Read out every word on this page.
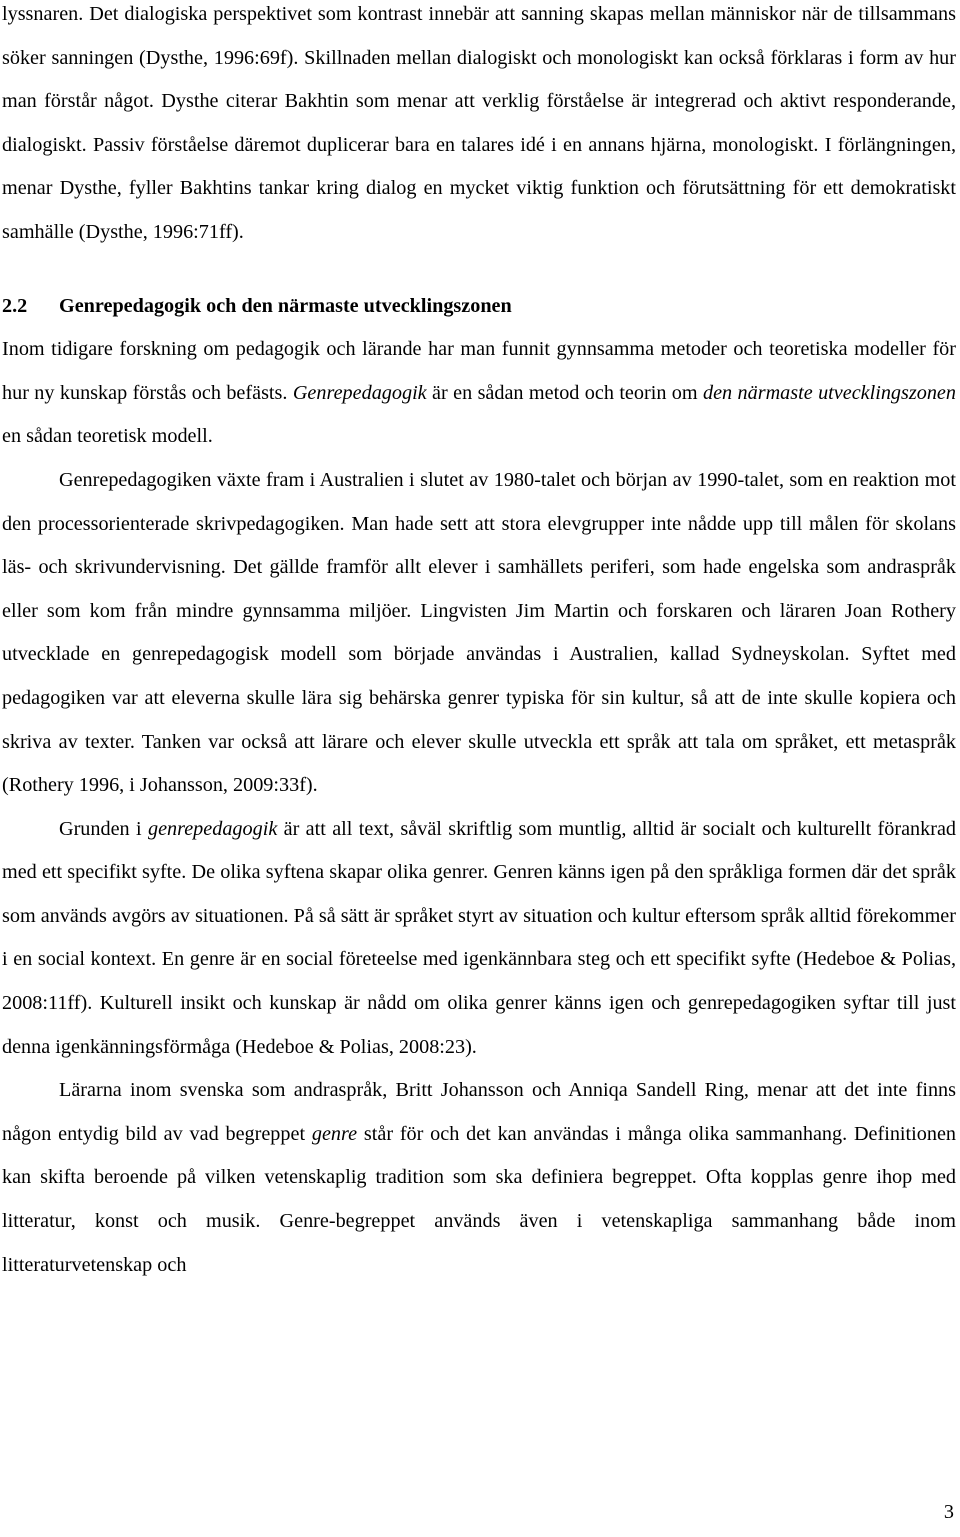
lyssnaren. Det dialogiska perspektivet som kontrast innebär att sanning skapas mellan människor när de tillsammans söker sanningen (Dysthe, 1996:69f). Skillnaden mellan dialogiskt och monologiskt kan också förklaras i form av hur man förstår något. Dysthe citerar Bakhtin som menar att verklig förståelse är integrerad och aktivt responderande, dialogiskt. Passiv förståelse däremot duplicerar bara en talares idé i en annans hjärna, monologiskt. I förlängningen, menar Dysthe, fyller Bakhtins tankar kring dialog en mycket viktig funktion och förutsättning för ett demokratiskt samhälle (Dysthe, 1996:71ff).

2.2 Genrepedagogik och den närmaste utvecklingszonen

Inom tidigare forskning om pedagogik och lärande har man funnit gynnsamma metoder och teoretiska modeller för hur ny kunskap förstås och befästs. Genrepedagogik är en sådan metod och teorin om den närmaste utvecklingszonen en sådan teoretisk modell.

Genrepedagogiken växte fram i Australien i slutet av 1980-talet och början av 1990-talet, som en reaktion mot den processorienterade skrivpedagogiken. Man hade sett att stora elevgrupper inte nådde upp till målen för skolans läs- och skrivundervisning. Det gällde framför allt elever i samhällets periferi, som hade engelska som andraspråk eller som kom från mindre gynnsamma miljöer. Lingvisten Jim Martin och forskaren och läraren Joan Rothery utvecklade en genrepedagogisk modell som började användas i Australien, kallad Sydneyskolan. Syftet med pedagogiken var att eleverna skulle lära sig behärska genrer typiska för sin kultur, så att de inte skulle kopiera och skriva av texter. Tanken var också att lärare och elever skulle utveckla ett språk att tala om språket, ett metaspråk (Rothery 1996, i Johansson, 2009:33f).

Grunden i genrepedagogik är att all text, såväl skriftlig som muntlig, alltid är socialt och kulturellt förankrad med ett specifikt syfte. De olika syftena skapar olika genrer. Genren känns igen på den språkliga formen där det språk som används avgörs av situationen. På så sätt är språket styrt av situation och kultur eftersom språk alltid förekommer i en social kontext. En genre är en social företeelse med igenkännbara steg och ett specifikt syfte (Hedeboe & Polias, 2008:11ff). Kulturell insikt och kunskap är nådd om olika genrer känns igen och genrepedagogiken syftar till just denna igenkänningsförmåga (Hedeboe & Polias, 2008:23).

Lärarna inom svenska som andraspråk, Britt Johansson och Anniqa Sandell Ring, menar att det inte finns någon entydig bild av vad begreppet genre står för och det kan användas i många olika sammanhang. Definitionen kan skifta beroende på vilken vetenskaplig tradition som ska definiera begreppet. Ofta kopplas genre ihop med litteratur, konst och musik. Genre-begreppet används även i vetenskapliga sammanhang både inom litteraturvetenskap och

3
